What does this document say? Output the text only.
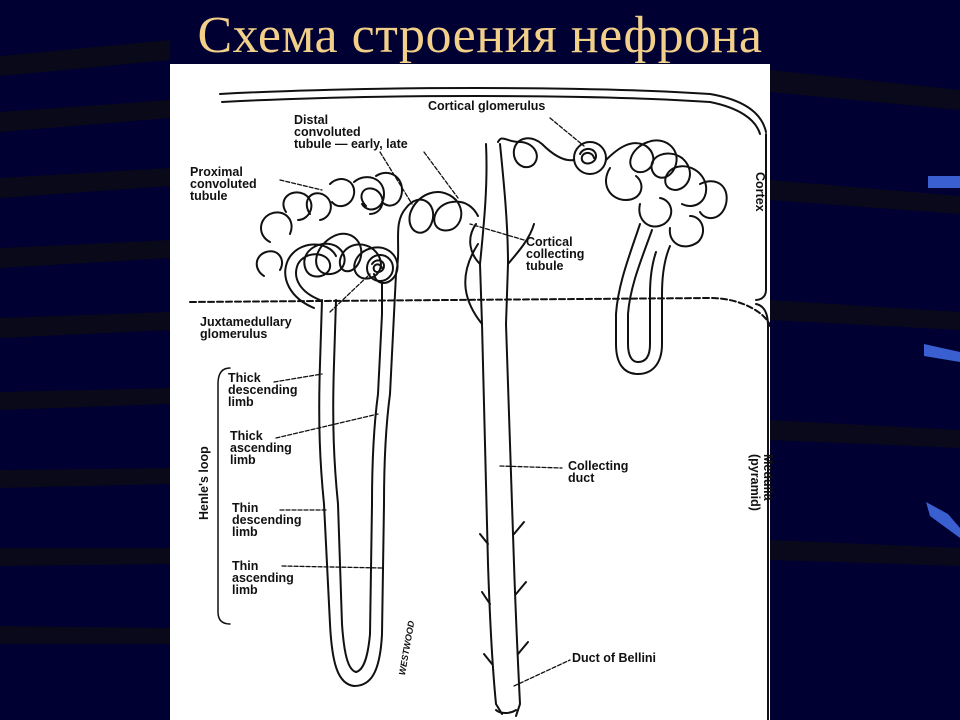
Схема строения нефрона
Cortical glomerulus
Distal
convoluted
tubule — early, late
Proximal
convoluted
tubule
Cortical
collecting
tubule
Juxtamedullary
glomerulus
Thick
descending
limb
Thick
ascending
limb
Thin
descending
limb
Thin
ascending
limb
Collecting
duct
Duct of Bellini
Henle's loop
Cortex
Medulla —
(pyramid)
WESTWOOD
